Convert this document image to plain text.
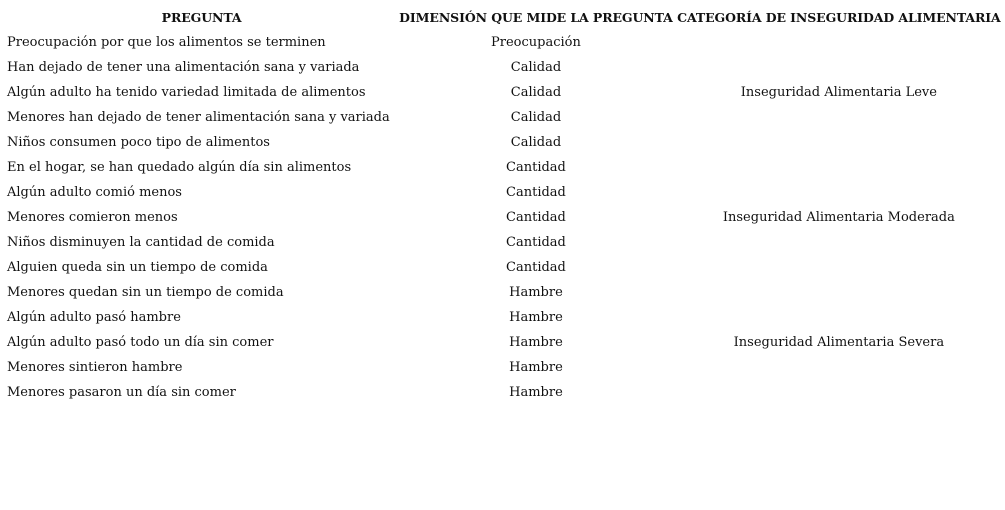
PREGUNTA	DIMENSIÓN QUE MIDE LA PREGUNTA	CATEGORÍA DE INSEGURIDAD ALIMENTARIA
Preocupación por que los alimentos se terminen	Preocupación	
Han dejado de tener una alimentación sana y variada	Calidad	
Algún adulto ha tenido variedad limitada de alimentos	Calidad	Inseguridad Alimentaria Leve
Menores han dejado de tener alimentación sana y variada	Calidad	
Niños consumen poco tipo de alimentos	Calidad	
En el hogar, se han quedado algún día sin alimentos	Cantidad	
Algún adulto comió menos	Cantidad	
Menores comieron menos	Cantidad	Inseguridad Alimentaria Moderada
Niños disminuyen la cantidad de comida	Cantidad	
Alguien queda sin un tiempo de comida	Cantidad	
Menores quedan sin un tiempo de comida	Hambre	
Algún adulto pasó hambre	Hambre	
Algún adulto pasó todo un día sin comer	Hambre	Inseguridad Alimentaria Severa
Menores sintieron hambre	Hambre	
Menores pasaron un día sin comer	Hambre	
